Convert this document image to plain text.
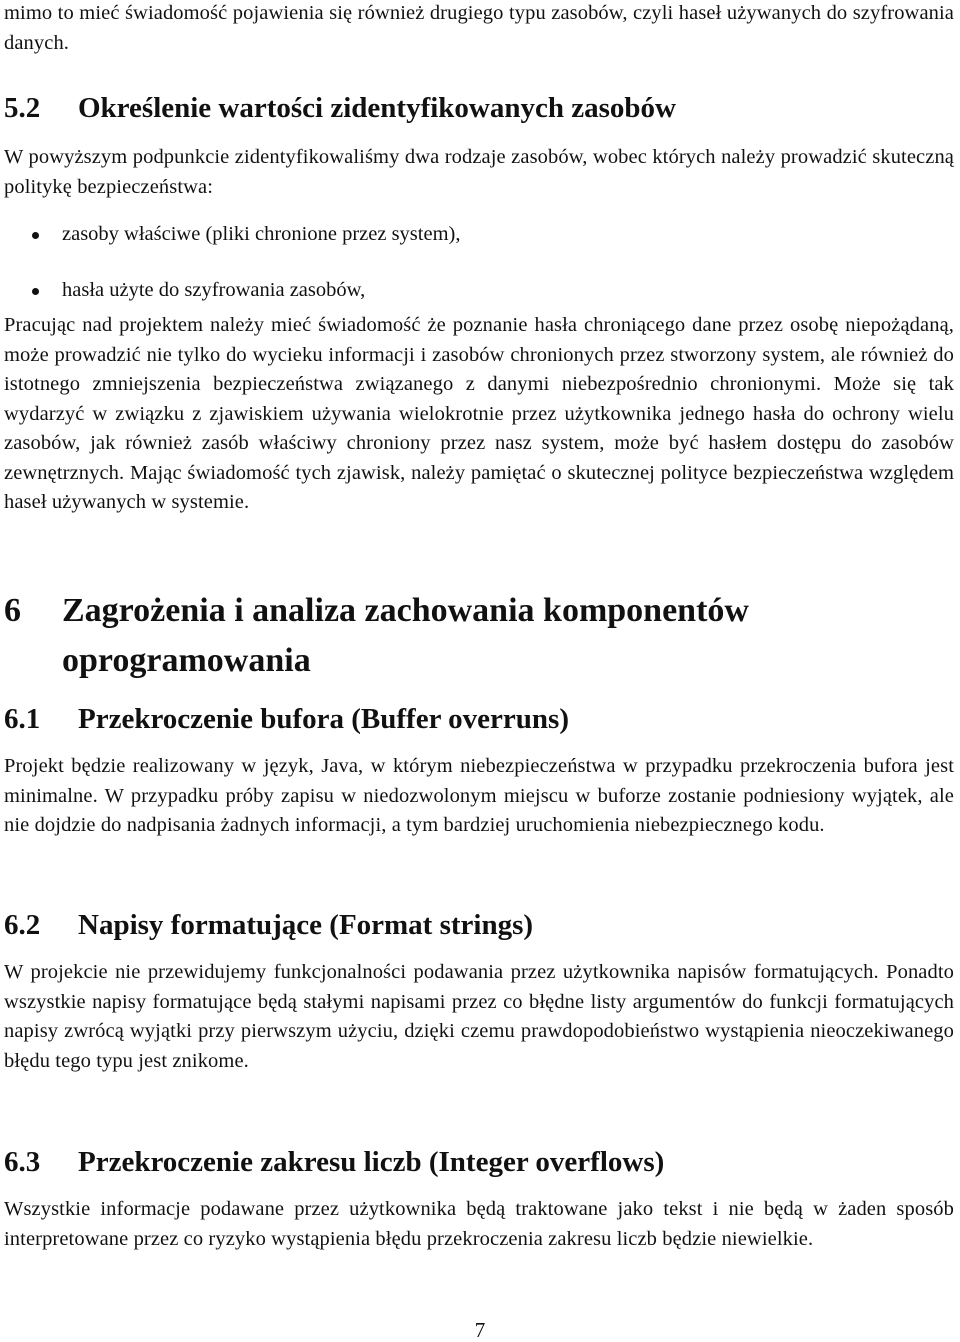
mimo to mieć świadomość pojawienia się również drugiego typu zasobów, czyli haseł używanych do szyfrowania danych.

5.2	Określenie wartości zidentyfikowanych zasobów

W powyższym podpunkcie zidentyfikowaliśmy dwa rodzaje zasobów, wobec których należy prowadzić skuteczną politykę bezpieczeństwa:

zasoby właściwe (pliki chronione przez system),
hasła użyte do szyfrowania zasobów,

Pracując nad projektem należy mieć świadomość że poznanie hasła chroniącego dane przez osobę niepożądaną, może prowadzić nie tylko do wycieku informacji i zasobów chronionych przez stworzony system, ale również do istotnego zmniejszenia bezpieczeństwa związanego z danymi niebezpośrednio chronionymi. Może się tak wydarzyć w związku z zjawiskiem używania wielokrotnie przez użytkownika jednego hasła do ochrony wielu zasobów, jak również zasób właściwy chroniony przez nasz system, może być hasłem dostępu do zasobów zewnętrznych. Mając świadomość tych zjawisk, należy pamiętać o skutecznej polityce bezpieczeństwa względem haseł używanych w systemie.

6	Zagrożenia i analiza zachowania komponentów oprogramowania
6.1	Przekroczenie bufora (Buffer overruns)

Projekt będzie realizowany w język, Java, w którym niebezpieczeństwa w przypadku przekroczenia bufora jest minimalne. W przypadku próby zapisu w niedozwolonym miejscu w buforze zostanie podniesiony wyjątek, ale nie dojdzie do nadpisania żadnych informacji, a tym bardziej uruchomienia niebezpiecznego kodu.

6.2	Napisy formatujące (Format strings)

W projekcie nie przewidujemy funkcjonalności podawania przez użytkownika napisów formatujących. Ponadto wszystkie napisy formatujące będą stałymi napisami przez co błędne listy argumentów do funkcji formatujących napisy zwrócą wyjątki przy pierwszym użyciu, dzięki czemu prawdopodobieństwo wystąpienia nieoczekiwanego błędu tego typu jest znikome.

6.3	Przekroczenie zakresu liczb (Integer overflows)

Wszystkie informacje podawane przez użytkownika będą traktowane jako tekst i nie będą w żaden sposób interpretowane przez co ryzyko wystąpienia błędu przekroczenia zakresu liczb będzie niewielkie.

7
